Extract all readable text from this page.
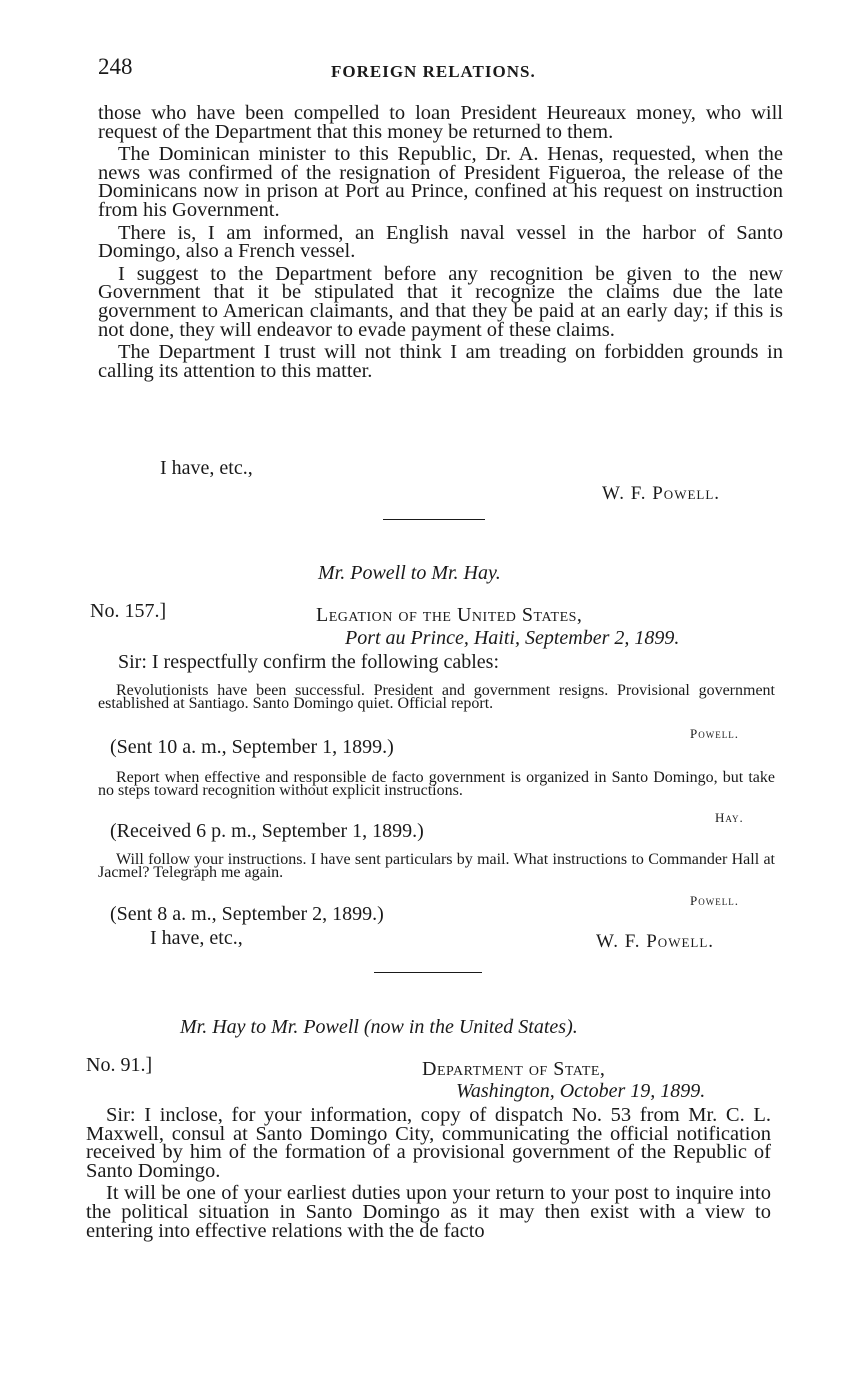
248	FOREIGN RELATIONS.

those who have been compelled to loan President Heureaux money, who will request of the Department that this money be returned to them.

The Dominican minister to this Republic, Dr. A. Henas, requested, when the news was confirmed of the resignation of President Figueroa, the release of the Dominicans now in prison at Port au Prince, confined at his request on instruction from his Government.

There is, I am informed, an English naval vessel in the harbor of Santo Domingo, also a French vessel.

I suggest to the Department before any recognition be given to the new Government that it be stipulated that it recognize the claims due the late government to American claimants, and that they be paid at an early day; if this is not done, they will endeavor to evade payment of these claims.

The Department I trust will not think I am treading on forbidden grounds in calling its attention to this matter.

I have, etc.,
W. F. Powell.
Mr. Powell to Mr. Hay.
No. 157.]	Legation of the United States,
Port au Prince, Haiti, September 2, 1899.
Sir: I respectfully confirm the following cables:

Revolutionists have been successful. President and government resigns. Provisional government established at Santiago. Santo Domingo quiet. Official report.

Powell.
(Sent 10 a. m., September 1, 1899.)

Report when effective and responsible de facto government is organized in Santo Domingo, but take no steps toward recognition without explicit instructions.

Hay.
(Received 6 p. m., September 1, 1899.)

Will follow your instructions. I have sent particulars by mail. What instructions to Commander Hall at Jacmel? Telegraph me again.

Powell.
(Sent 8 a. m., September 2, 1899.)
I have, etc.,	W. F. Powell.
Mr. Hay to Mr. Powell (now in the United States).
No. 91.]	Department of State,
Washington, October 19, 1899.

Sir: I inclose, for your information, copy of dispatch No. 53 from Mr. C. L. Maxwell, consul at Santo Domingo City, communicating the official notification received by him of the formation of a provisional government of the Republic of Santo Domingo.

It will be one of your earliest duties upon your return to your post to inquire into the political situation in Santo Domingo as it may then exist with a view to entering into effective relations with the de facto
